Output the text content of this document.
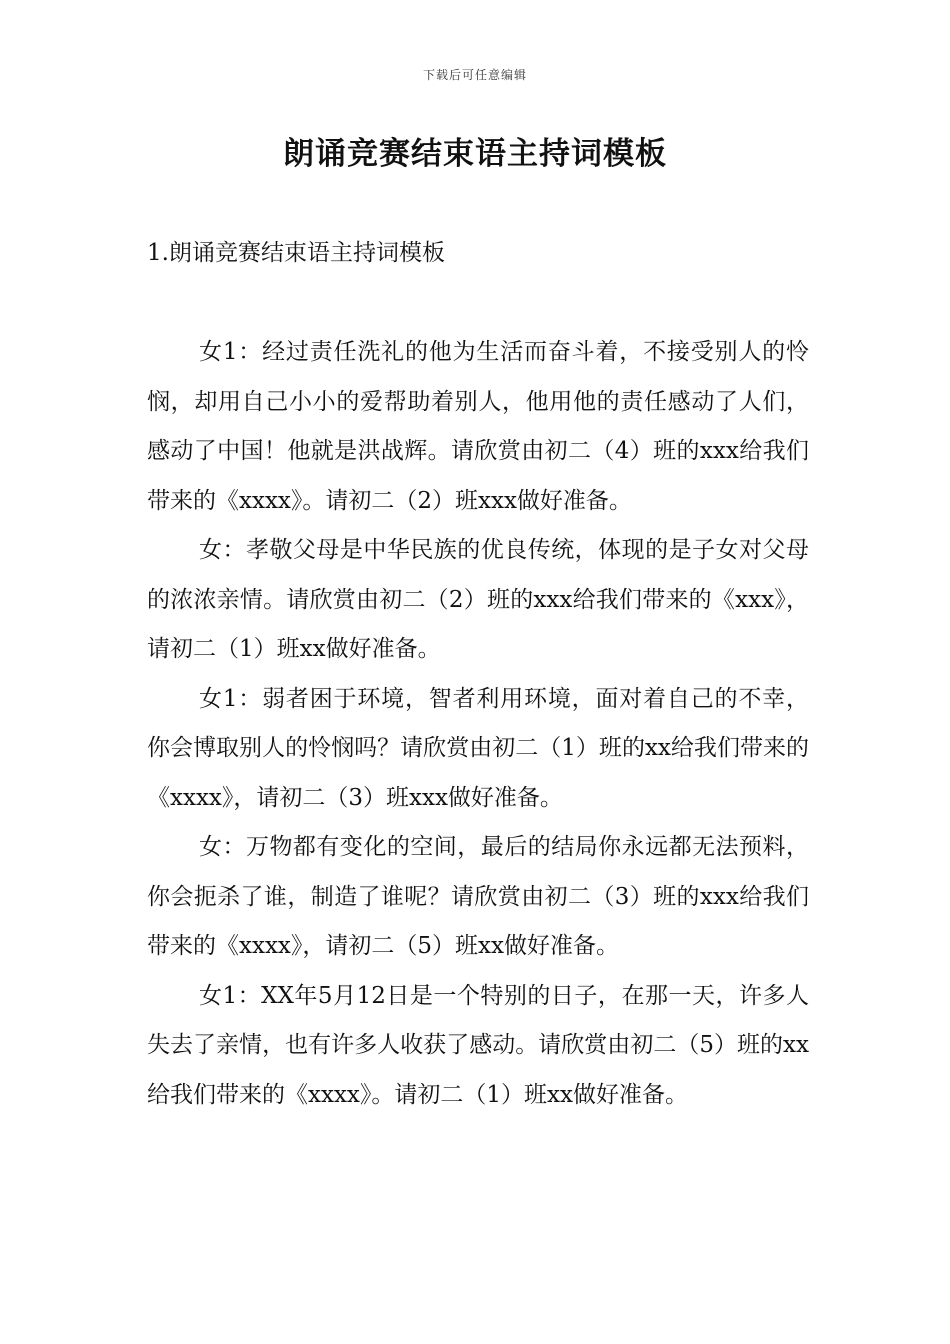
下载后可任意编辑
朗诵竞赛结束语主持词模板
1.朗诵竞赛结束语主持词模板

女1：经过责任洗礼的他为生活而奋斗着，不接受别人的怜悯，却用自己小小的爱帮助着别人，他用他的责任感动了人们，感动了中国！他就是洪战辉。请欣赏由初二（4）班的xxx给我们带来的《xxxx》。请初二（2）班xxx做好准备。

女：孝敬父母是中华民族的优良传统，体现的是子女对父母的浓浓亲情。请欣赏由初二（2）班的xxx给我们带来的《xxx》，请初二（1）班xx做好准备。

女1：弱者困于环境，智者利用环境，面对着自己的不幸，你会博取别人的怜悯吗？请欣赏由初二（1）班的xx给我们带来的《xxxx》，请初二（3）班xxx做好准备。

女：万物都有变化的空间，最后的结局你永远都无法预料，你会扼杀了谁，制造了谁呢？请欣赏由初二（3）班的xxx给我们带来的《xxxx》，请初二（5）班xx做好准备。

女1：XX年5月12日是一个特别的日子，在那一天，许多人失去了亲情，也有许多人收获了感动。请欣赏由初二（5）班的xx给我们带来的《xxxx》。请初二（1）班xx做好准备。
